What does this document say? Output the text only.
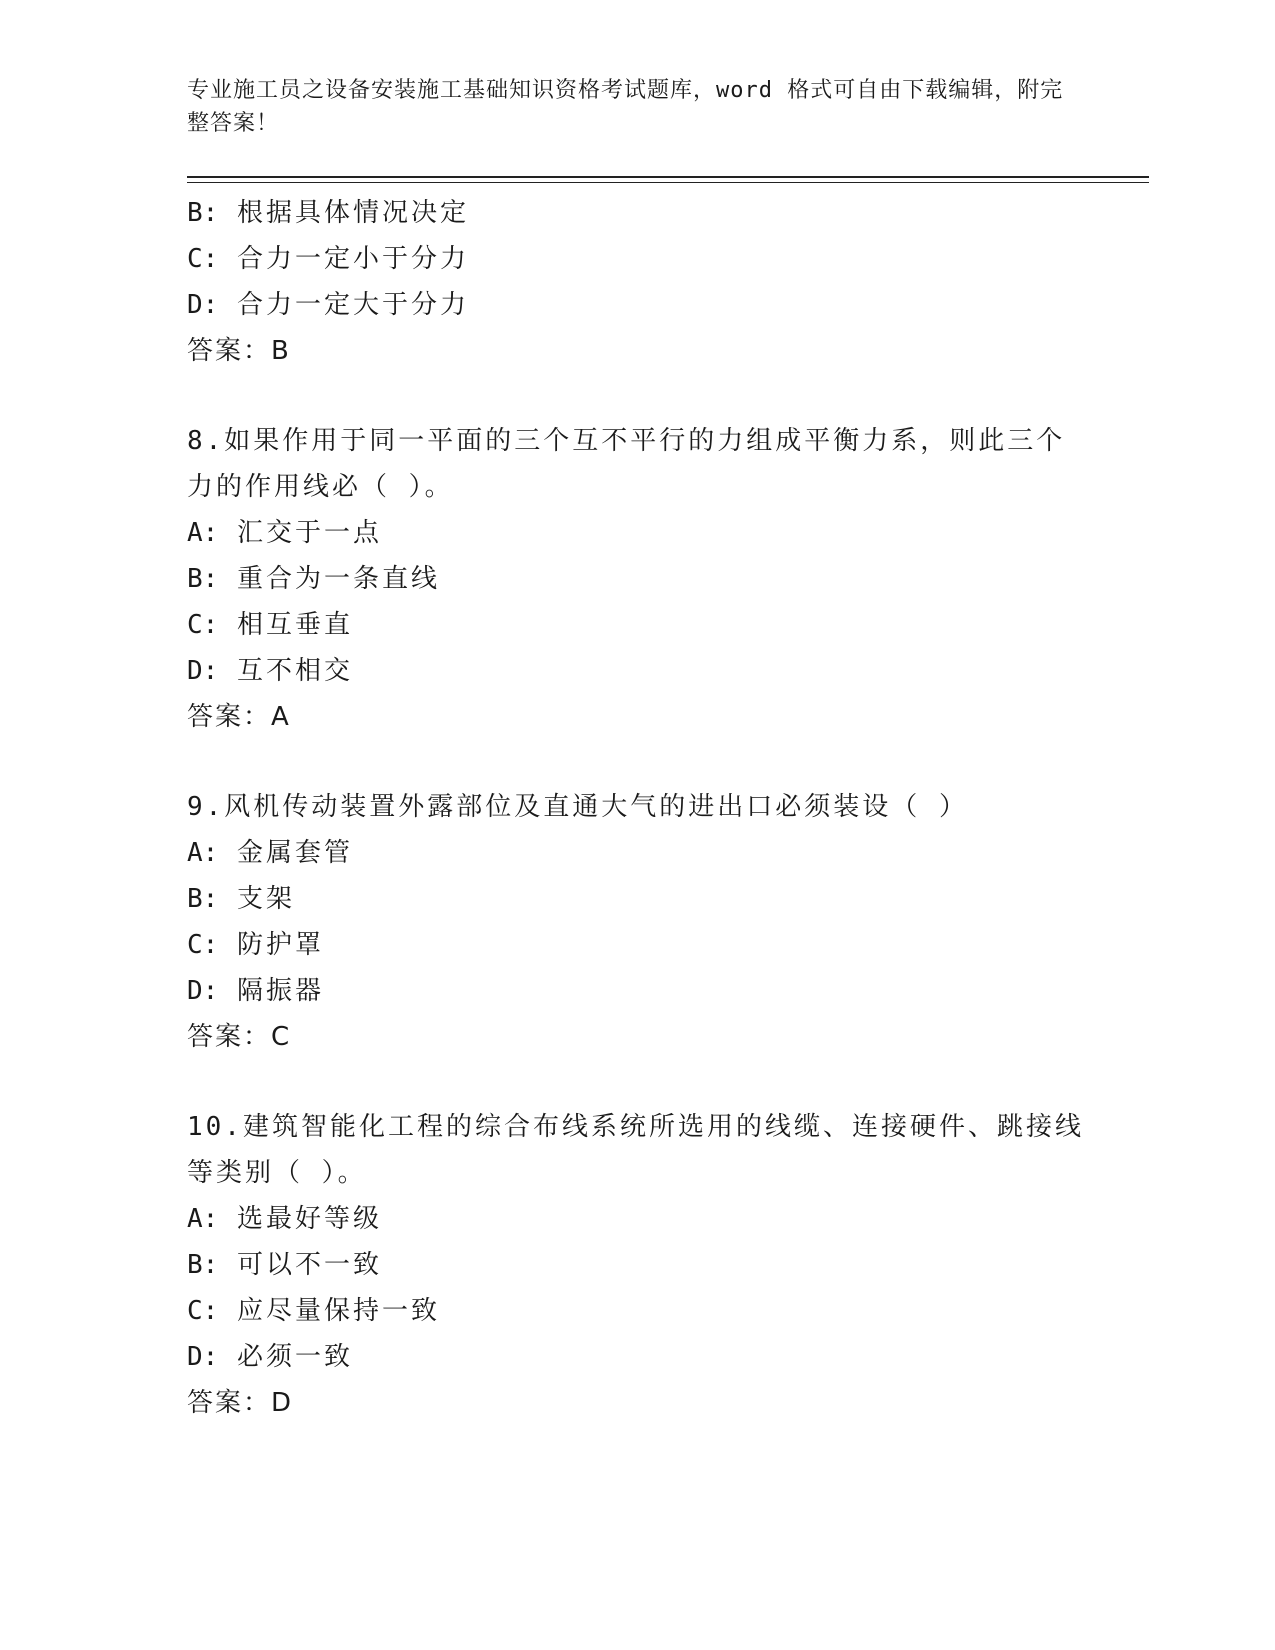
专业施工员之设备安装施工基础知识资格考试题库，word 格式可自由下载编辑，附完整答案！

B: 根据具体情况决定

C: 合力一定小于分力

D: 合力一定大于分力

答案：B

8.如果作用于同一平面的三个互不平行的力组成平衡力系，则此三个力的作用线必（ ）。

A: 汇交于一点

B: 重合为一条直线

C: 相互垂直

D: 互不相交

答案：A

9.风机传动装置外露部位及直通大气的进出口必须装设（ ）

A: 金属套管

B: 支架

C: 防护罩

D: 隔振器

答案：C

10.建筑智能化工程的综合布线系统所选用的线缆、连接硬件、跳接线等类别（ ）。

A: 选最好等级

B: 可以不一致

C: 应尽量保持一致

D: 必须一致

答案：D
